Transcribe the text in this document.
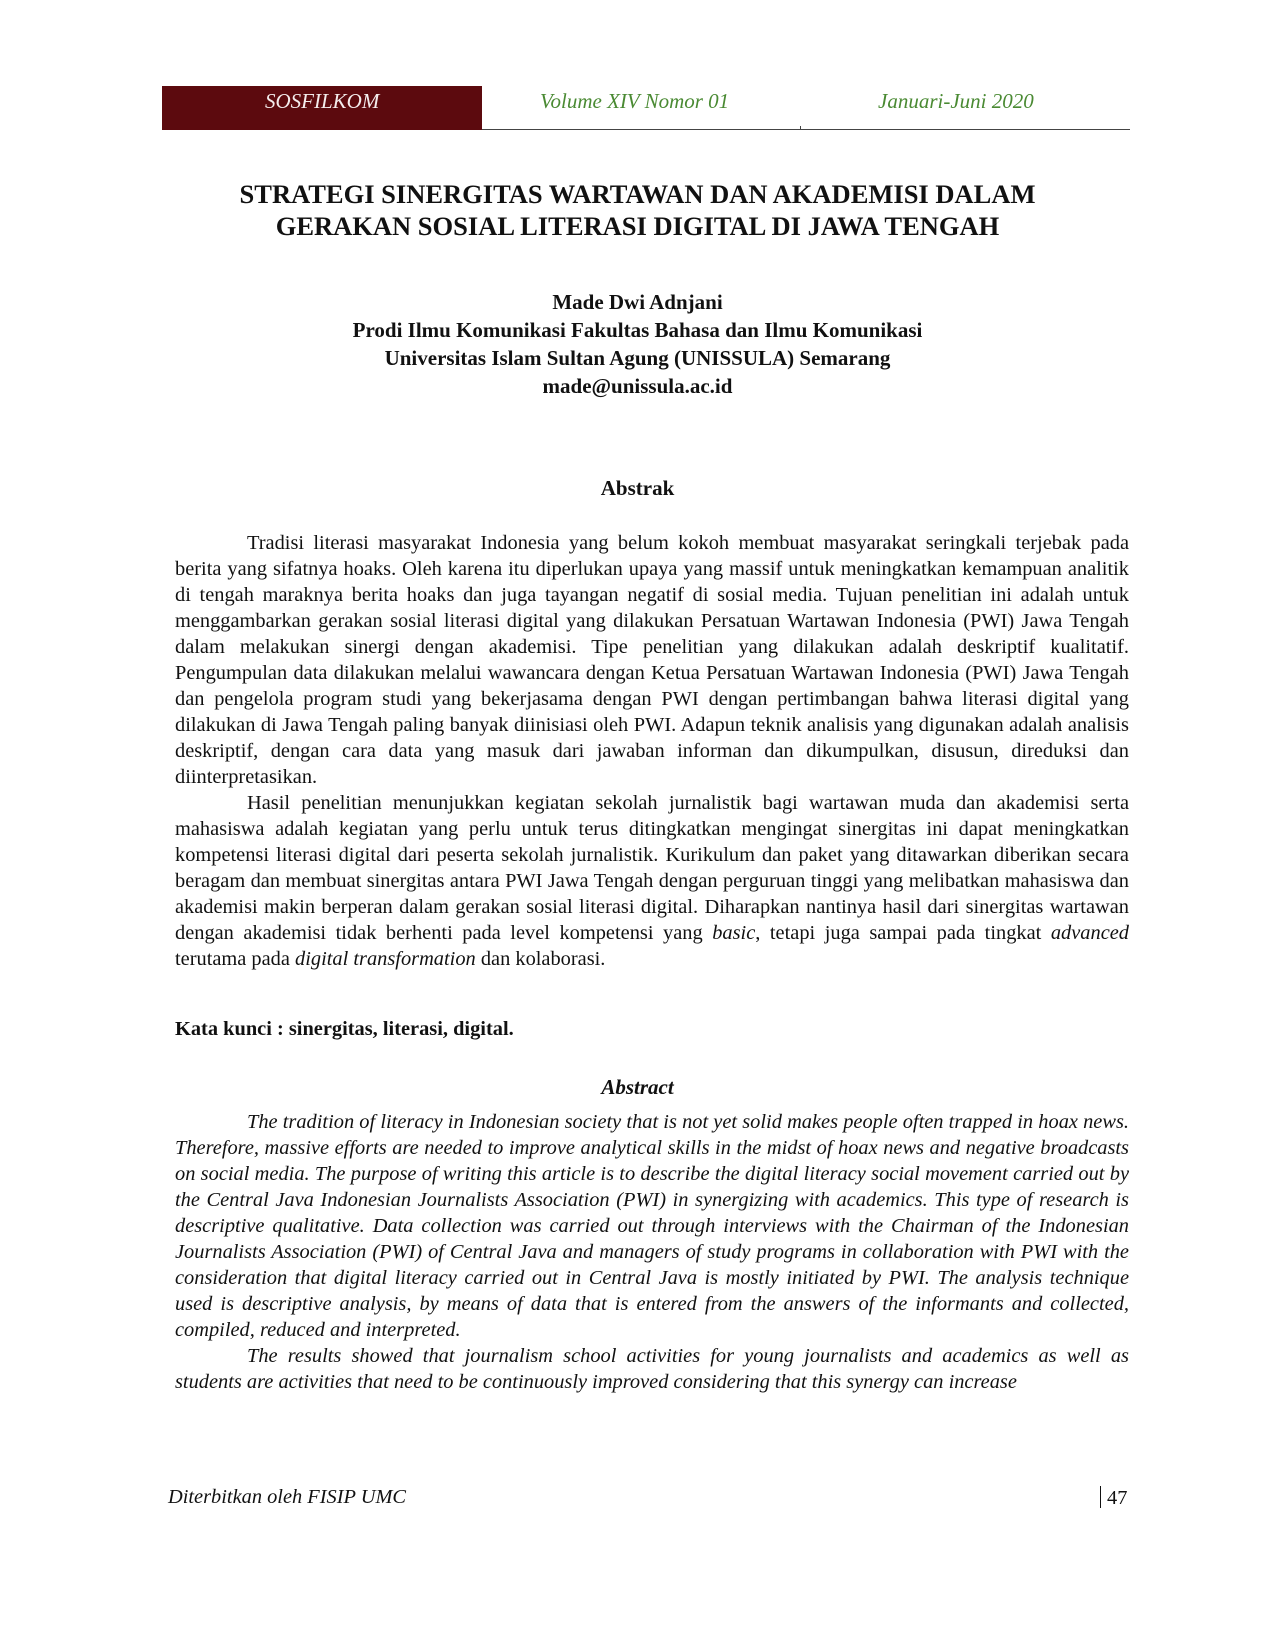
SOSFILKOM	Volume XIV Nomor 01	Januari-Juni 2020
STRATEGI SINERGITAS WARTAWAN DAN AKADEMISI DALAM
GERAKAN SOSIAL LITERASI DIGITAL DI JAWA TENGAH
Made Dwi Adnjani
Prodi Ilmu Komunikasi Fakultas Bahasa dan Ilmu Komunikasi
Universitas Islam Sultan Agung (UNISSULA) Semarang
made@unissula.ac.id
Abstrak

Tradisi literasi masyarakat Indonesia yang belum kokoh membuat masyarakat seringkali terjebak pada berita yang sifatnya hoaks. Oleh karena itu diperlukan upaya yang massif untuk meningkatkan kemampuan analitik di tengah maraknya berita hoaks dan juga tayangan negatif di sosial media. Tujuan penelitian ini adalah untuk menggambarkan gerakan sosial literasi digital yang dilakukan Persatuan Wartawan Indonesia (PWI) Jawa Tengah dalam melakukan sinergi dengan akademisi. Tipe penelitian yang dilakukan adalah deskriptif kualitatif. Pengumpulan data dilakukan melalui wawancara dengan Ketua Persatuan Wartawan Indonesia (PWI) Jawa Tengah dan pengelola program studi yang bekerjasama dengan PWI dengan pertimbangan bahwa literasi digital yang dilakukan di Jawa Tengah paling banyak diinisiasi oleh PWI. Adapun teknik analisis yang digunakan adalah analisis deskriptif, dengan cara data yang masuk dari jawaban informan dan dikumpulkan, disusun, direduksi dan diinterpretasikan.

Hasil penelitian menunjukkan kegiatan sekolah jurnalistik bagi wartawan muda dan akademisi serta mahasiswa adalah kegiatan yang perlu untuk terus ditingkatkan mengingat sinergitas ini dapat meningkatkan kompetensi literasi digital dari peserta sekolah jurnalistik. Kurikulum dan paket yang ditawarkan diberikan secara beragam dan membuat sinergitas antara PWI Jawa Tengah dengan perguruan tinggi yang melibatkan mahasiswa dan akademisi makin berperan dalam gerakan sosial literasi digital. Diharapkan nantinya hasil dari sinergitas wartawan dengan akademisi tidak berhenti pada level kompetensi yang basic, tetapi juga sampai pada tingkat advanced terutama pada digital transformation dan kolaborasi.

Kata kunci : sinergitas, literasi, digital.
Abstract

The tradition of literacy in Indonesian society that is not yet solid makes people often trapped in hoax news. Therefore, massive efforts are needed to improve analytical skills in the midst of hoax news and negative broadcasts on social media. The purpose of writing this article is to describe the digital literacy social movement carried out by the Central Java Indonesian Journalists Association (PWI) in synergizing with academics. This type of research is descriptive qualitative. Data collection was carried out through interviews with the Chairman of the Indonesian Journalists Association (PWI) of Central Java and managers of study programs in collaboration with PWI with the consideration that digital literacy carried out in Central Java is mostly initiated by PWI. The analysis technique used is descriptive analysis, by means of data that is entered from the answers of the informants and collected, compiled, reduced and interpreted.

The results showed that journalism school activities for young journalists and academics as well as students are activities that need to be continuously improved considering that this synergy can increase

Diterbitkan oleh FISIP UMC	47
